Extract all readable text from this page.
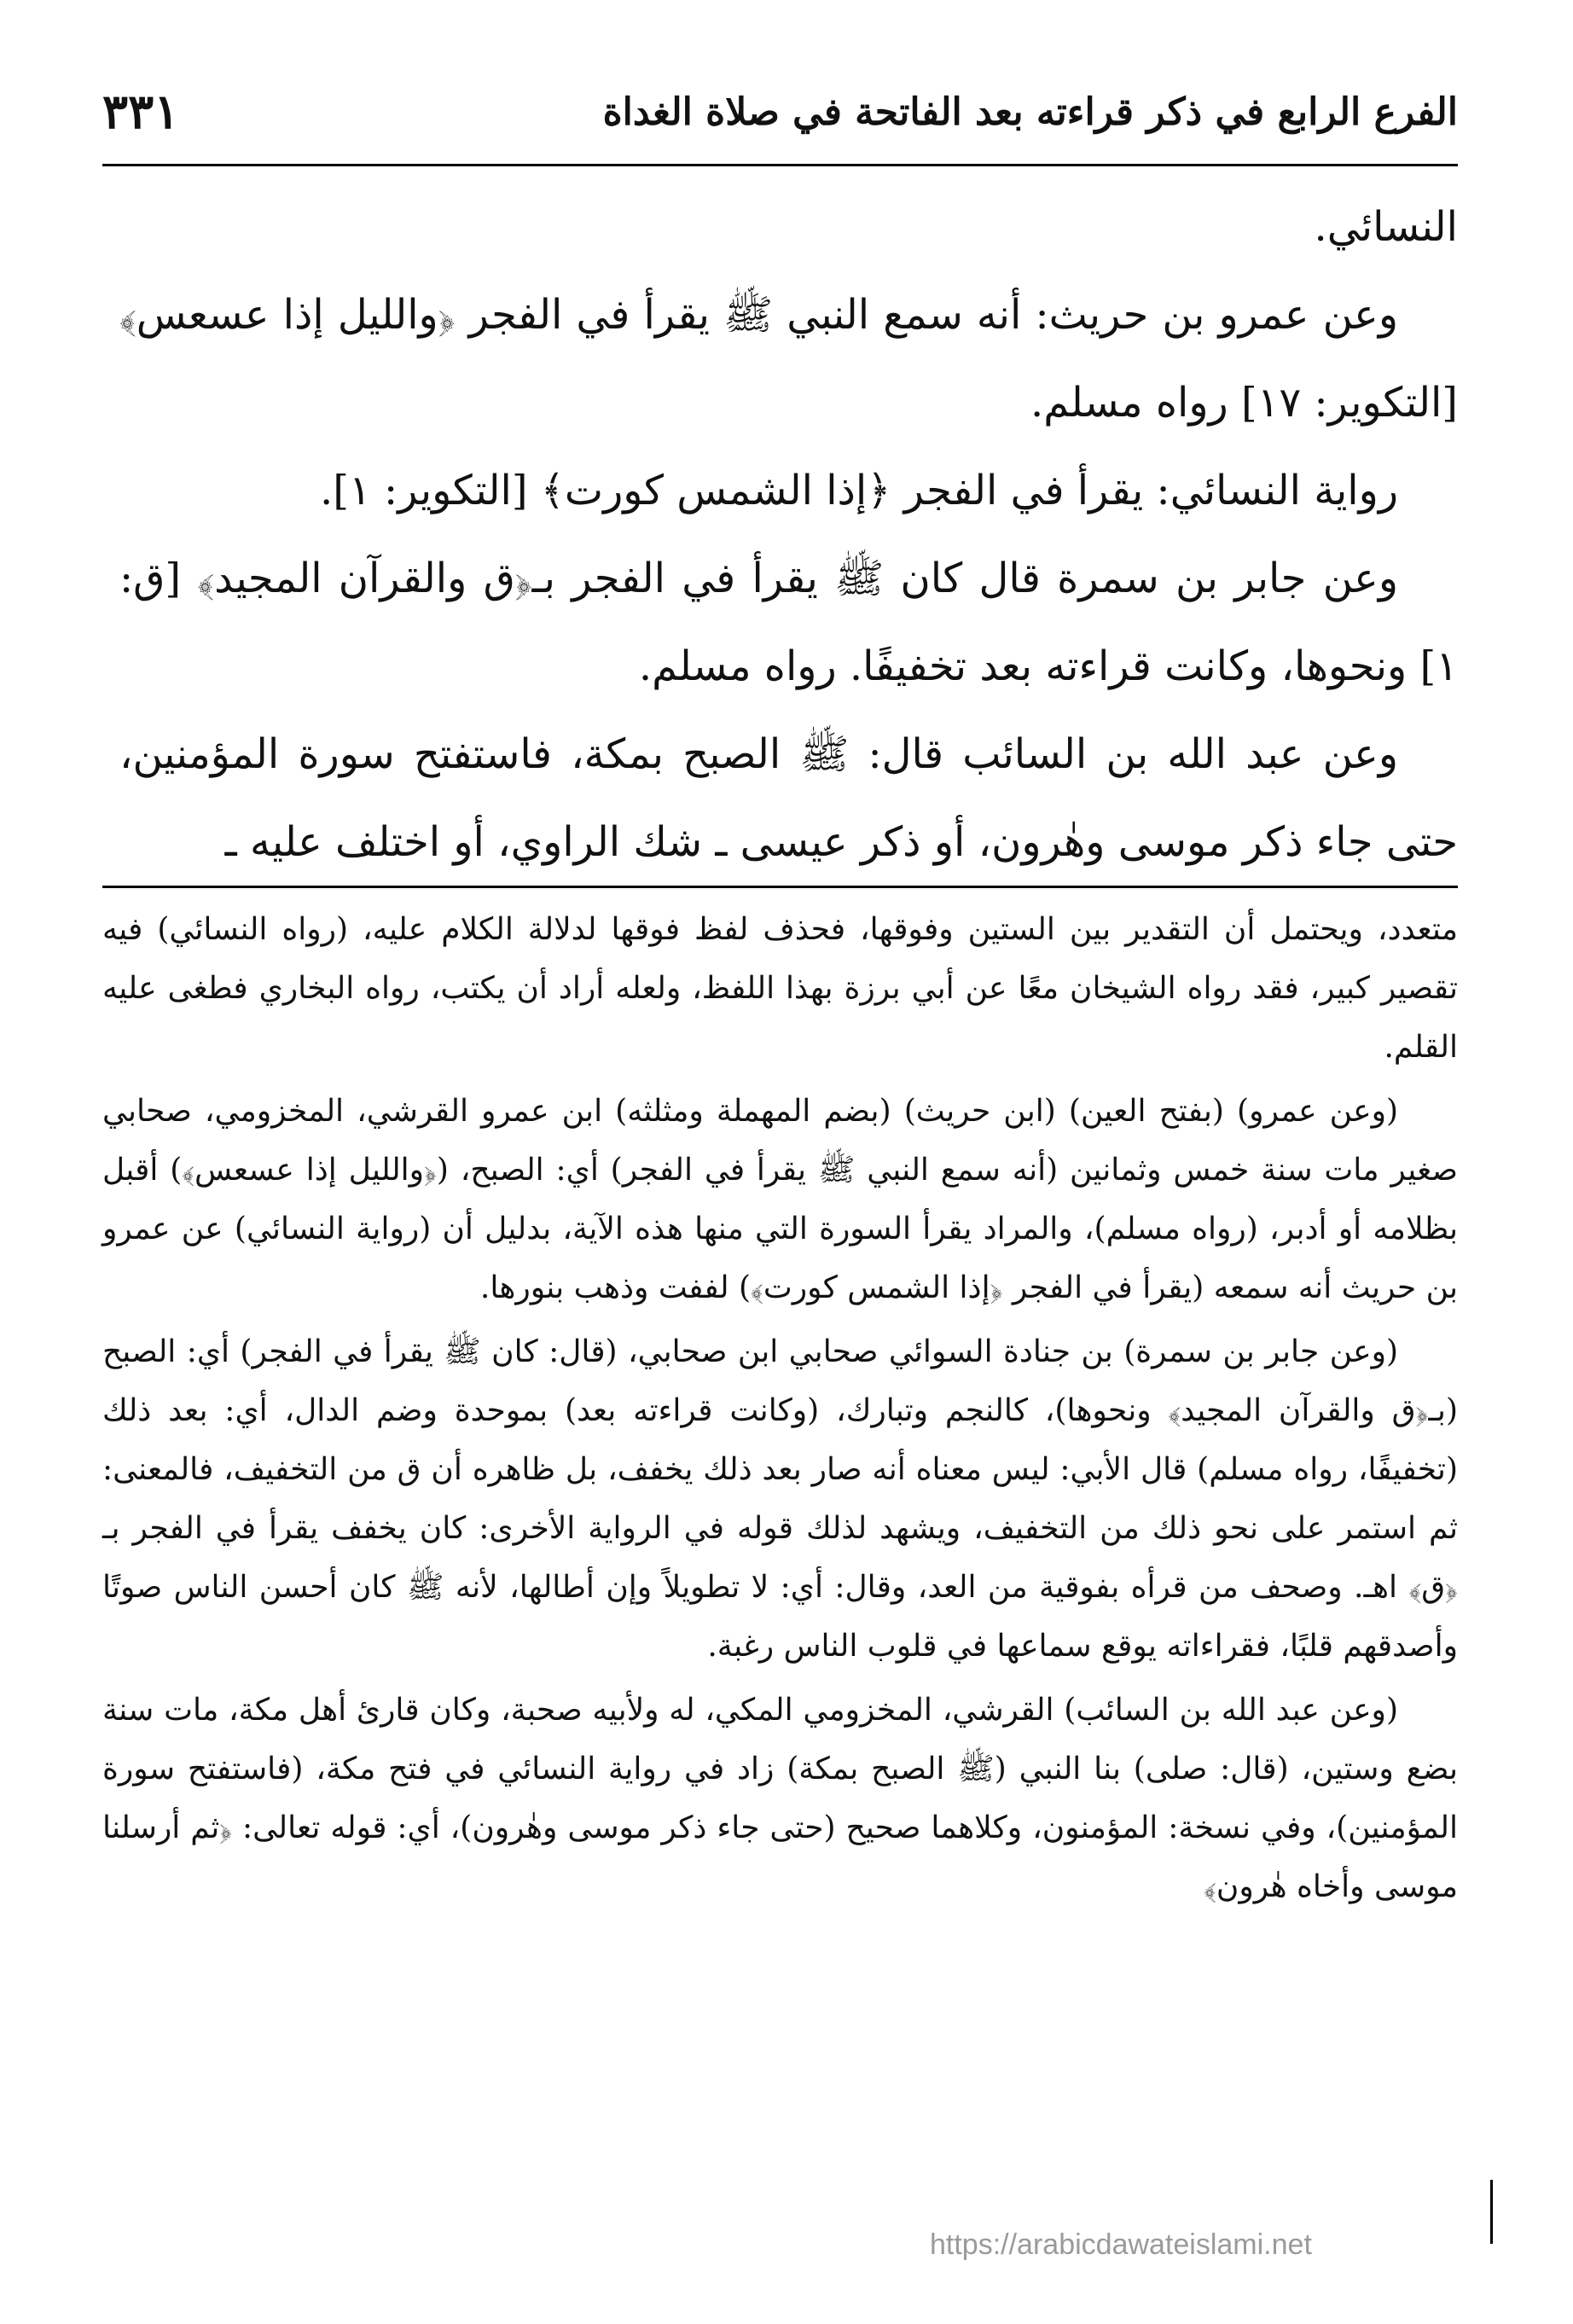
الفرع الرابع في ذكر قراءته بعد الفاتحة في صلاة الغداة
٣٣١

النسائي.

وعن عمرو بن حريث: أنه سمع النبي ﷺ يقرأ في الفجر ﴿والليل إذا عسعس﴾ [التكوير: ١٧] رواه مسلم.

رواية النسائي: يقرأ في الفجر ﴿إذا الشمس كورت﴾ [التكوير: ١].

وعن جابر بن سمرة قال كان ﷺ يقرأ في الفجر بـ﴿ق والقرآن المجيد﴾ [ق: ١] ونحوها، وكانت قراءته بعد تخفيفًا. رواه مسلم.

وعن عبد الله بن السائب قال: ﷺ الصبح بمكة، فاستفتح سورة المؤمنين، حتى جاء ذكر موسى وهٰرون، أو ذكر عيسى ـ شك الراوي، أو اختلف عليه ـ

متعدد، ويحتمل أن التقدير بين الستين وفوقها، فحذف لفظ فوقها لدلالة الكلام عليه، (رواه النسائي) فيه تقصير كبير، فقد رواه الشيخان معًا عن أبي برزة بهذا اللفظ، ولعله أراد أن يكتب، رواه البخاري فطغى عليه القلم.

(وعن عمرو) (بفتح العين) (ابن حريث) (بضم المهملة ومثلثه) ابن عمرو القرشي، المخزومي، صحابي صغير مات سنة خمس وثمانين (أنه سمع النبي ﷺ يقرأ في الفجر) أي: الصبح، (﴿والليل إذا عسعس﴾) أقبل بظلامه أو أدبر، (رواه مسلم)، والمراد يقرأ السورة التي منها هذه الآية، بدليل أن (رواية النسائي) عن عمرو بن حريث أنه سمعه (يقرأ في الفجر ﴿إذا الشمس كورت﴾) لففت وذهب بنورها.

(وعن جابر بن سمرة) بن جنادة السوائي صحابي ابن صحابي، (قال: كان ﷺ يقرأ في الفجر) أي: الصبح (بـ﴿ق والقرآن المجيد﴾ ونحوها)، كالنجم وتبارك، (وكانت قراءته بعد) بموحدة وضم الدال، أي: بعد ذلك (تخفيفًا، رواه مسلم) قال الأبي: ليس معناه أنه صار بعد ذلك يخفف، بل ظاهره أن ق من التخفيف، فالمعنى: ثم استمر على نحو ذلك من التخفيف، ويشهد لذلك قوله في الرواية الأخرى: كان يخفف يقرأ في الفجر بـ ﴿ق﴾ اهـ. وصحف من قرأه بفوقية من العد، وقال: أي: لا تطويلاً وإن أطالها، لأنه ﷺ كان أحسن الناس صوتًا وأصدقهم قلبًا، فقراءاته يوقع سماعها في قلوب الناس رغبة.

(وعن عبد الله بن السائب) القرشي، المخزومي المكي، له ولأبيه صحبة، وكان قارئ أهل مكة، مات سنة بضع وستين، (قال: صلى) بنا النبي (ﷺ الصبح بمكة) زاد في رواية النسائي في فتح مكة، (فاستفتح سورة المؤمنين)، وفي نسخة: المؤمنون، وكلاهما صحيح (حتى جاء ذكر موسى وهٰرون)، أي: قوله تعالى: ﴿ثم أرسلنا موسى وأخاه هٰرون﴾

https://arabicdawateislami.net
